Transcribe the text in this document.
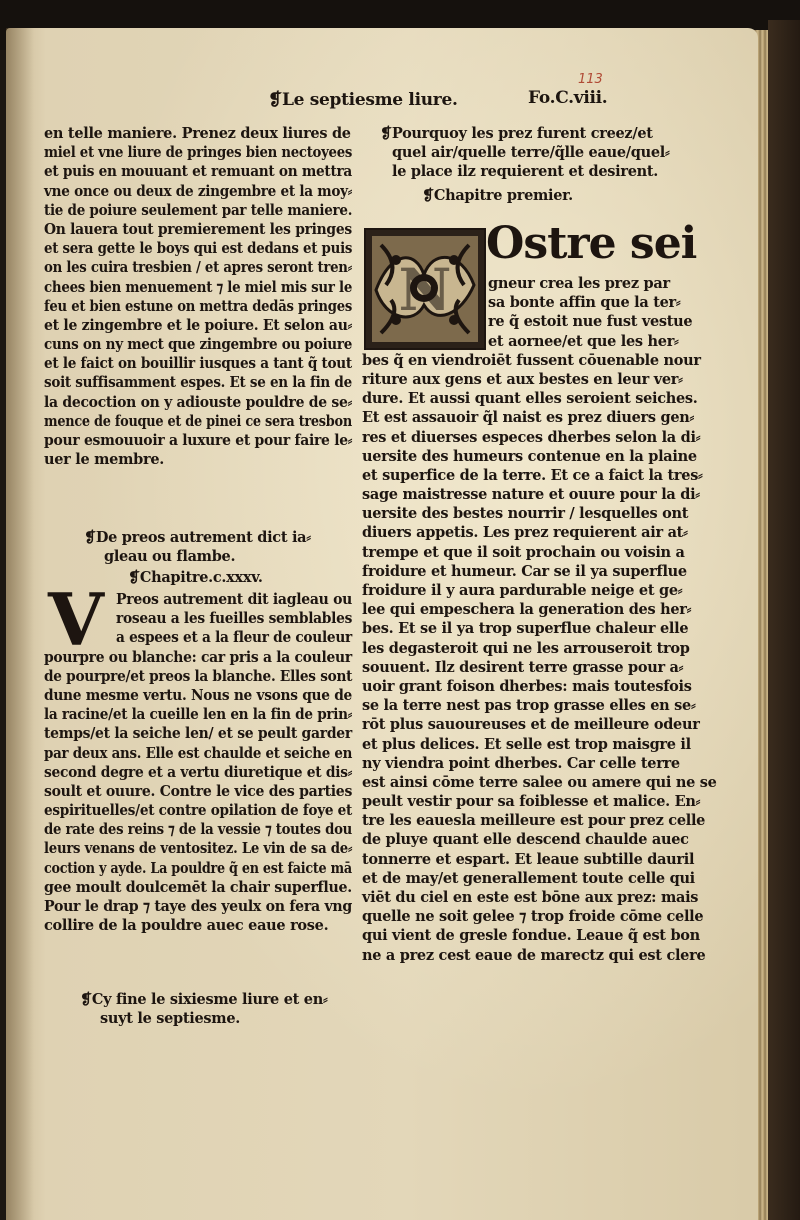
❡Le septiesme liure.
113
Fo.C.viii.
en telle maniere. Prenez deux liures de
miel et vne liure de pringes bien nectoyees
et puis en mouuant et remuant on mettra
vne once ou deux de zingembre et la moy⸗
tie de poiure seulement par telle maniere.
On lauera tout premierement les pringes
et sera gette le boys qui est dedans et puis
on les cuira tresbien / et apres seront tren⸗
chees bien menuement ⁊ le miel mis sur le
feu et bien estune on mettra dedās pringes
et le zingembre et le poiure. Et selon au⸗
cuns on ny mect que zingembre ou poiure
et le faict on bouillir iusques a tant q̃ tout
soit suffisamment espes. Et se en la fin de
la decoction on y adiouste pouldre de se⸗
mence de fouque et de pinei ce sera tresbon
pour esmouuoir a luxure et pour faire le⸗
uer le membre.
❡De preos autrement dict ia⸗
gleau ou flambe.
❡Chapitre.c.xxxv.
V Preos autrement dit iagleau ou
roseau a les fueilles semblables
a espees et a la fleur de couleur
pourpre ou blanche: car pris a la couleur
de pourpre/et preos la blanche. Elles sont
dune mesme vertu. Nous ne vsons que de
la racine/et la cueille len en la fin de prin⸗
temps/et la seiche len/ et se peult garder
par deux ans. Elle est chaulde et seiche en
second degre et a vertu diuretique et dis⸗
soult et ouure. Contre le vice des parties
espirituelles/et contre opilation de foye et
de rate des reins ⁊ de la vessie ⁊ toutes dou
leurs venans de ventositez. Le vin de sa de⸗
coction y ayde. La pouldre q̃ en est faicte mā
gee moult doulcemēt la chair superflue.
Pour le drap ⁊ taye des yeulx on fera vng
collire de la pouldre auec eaue rose.
❡Cy fine le sixiesme liure et en⸗
suyt le septiesme.
❡Pourquoy les prez furent creez/et
quel air/quelle terre/q̃lle eaue/quel⸗
le place ilz requierent et desirent.
❡Chapitre premier.
N
Ostre sei
gneur crea les prez par
sa bonte affin que la ter⸗
re q̃ estoit nue fust vestue
et aornee/et que les her⸗
bes q̃ en viendroiēt fussent cōuenable nour
riture aux gens et aux bestes en leur ver⸗
dure. Et aussi quant elles seroient seiches.
Et est assauoir q̃l naist es prez diuers gen⸗
res et diuerses especes dherbes selon la di⸗
uersite des humeurs contenue en la plaine
et superfice de la terre. Et ce a faict la tres⸗
sage maistresse nature et ouure pour la di⸗
uersite des bestes nourrir / lesquelles ont
diuers appetis. Les prez requierent air at⸗
trempe et que il soit prochain ou voisin a
froidure et humeur. Car se il ya superflue
froidure il y aura pardurable neige et ge⸗
lee qui empeschera la generation des her⸗
bes. Et se il ya trop superflue chaleur elle
les degasteroit qui ne les arrouseroit trop
souuent. Ilz desirent terre grasse pour a⸗
uoir grant foison dherbes: mais toutesfois
se la terre nest pas trop grasse elles en se⸗
rōt plus sauoureuses et de meilleure odeur
et plus delices. Et selle est trop maisgre il
ny viendra point dherbes. Car celle terre
est ainsi cōme terre salee ou amere qui ne se
peult vestir pour sa foiblesse et malice. En⸗
tre les eauesla meilleure est pour prez celle
de pluye quant elle descend chaulde auec
tonnerre et espart. Et leaue subtille dauril
et de may/et generallement toute celle qui
viēt du ciel en este est bōne aux prez: mais
quelle ne soit gelee ⁊ trop froide cōme celle
qui vient de gresle fondue. Leaue q̃ est bon
ne a prez cest eaue de marectz qui est clere
